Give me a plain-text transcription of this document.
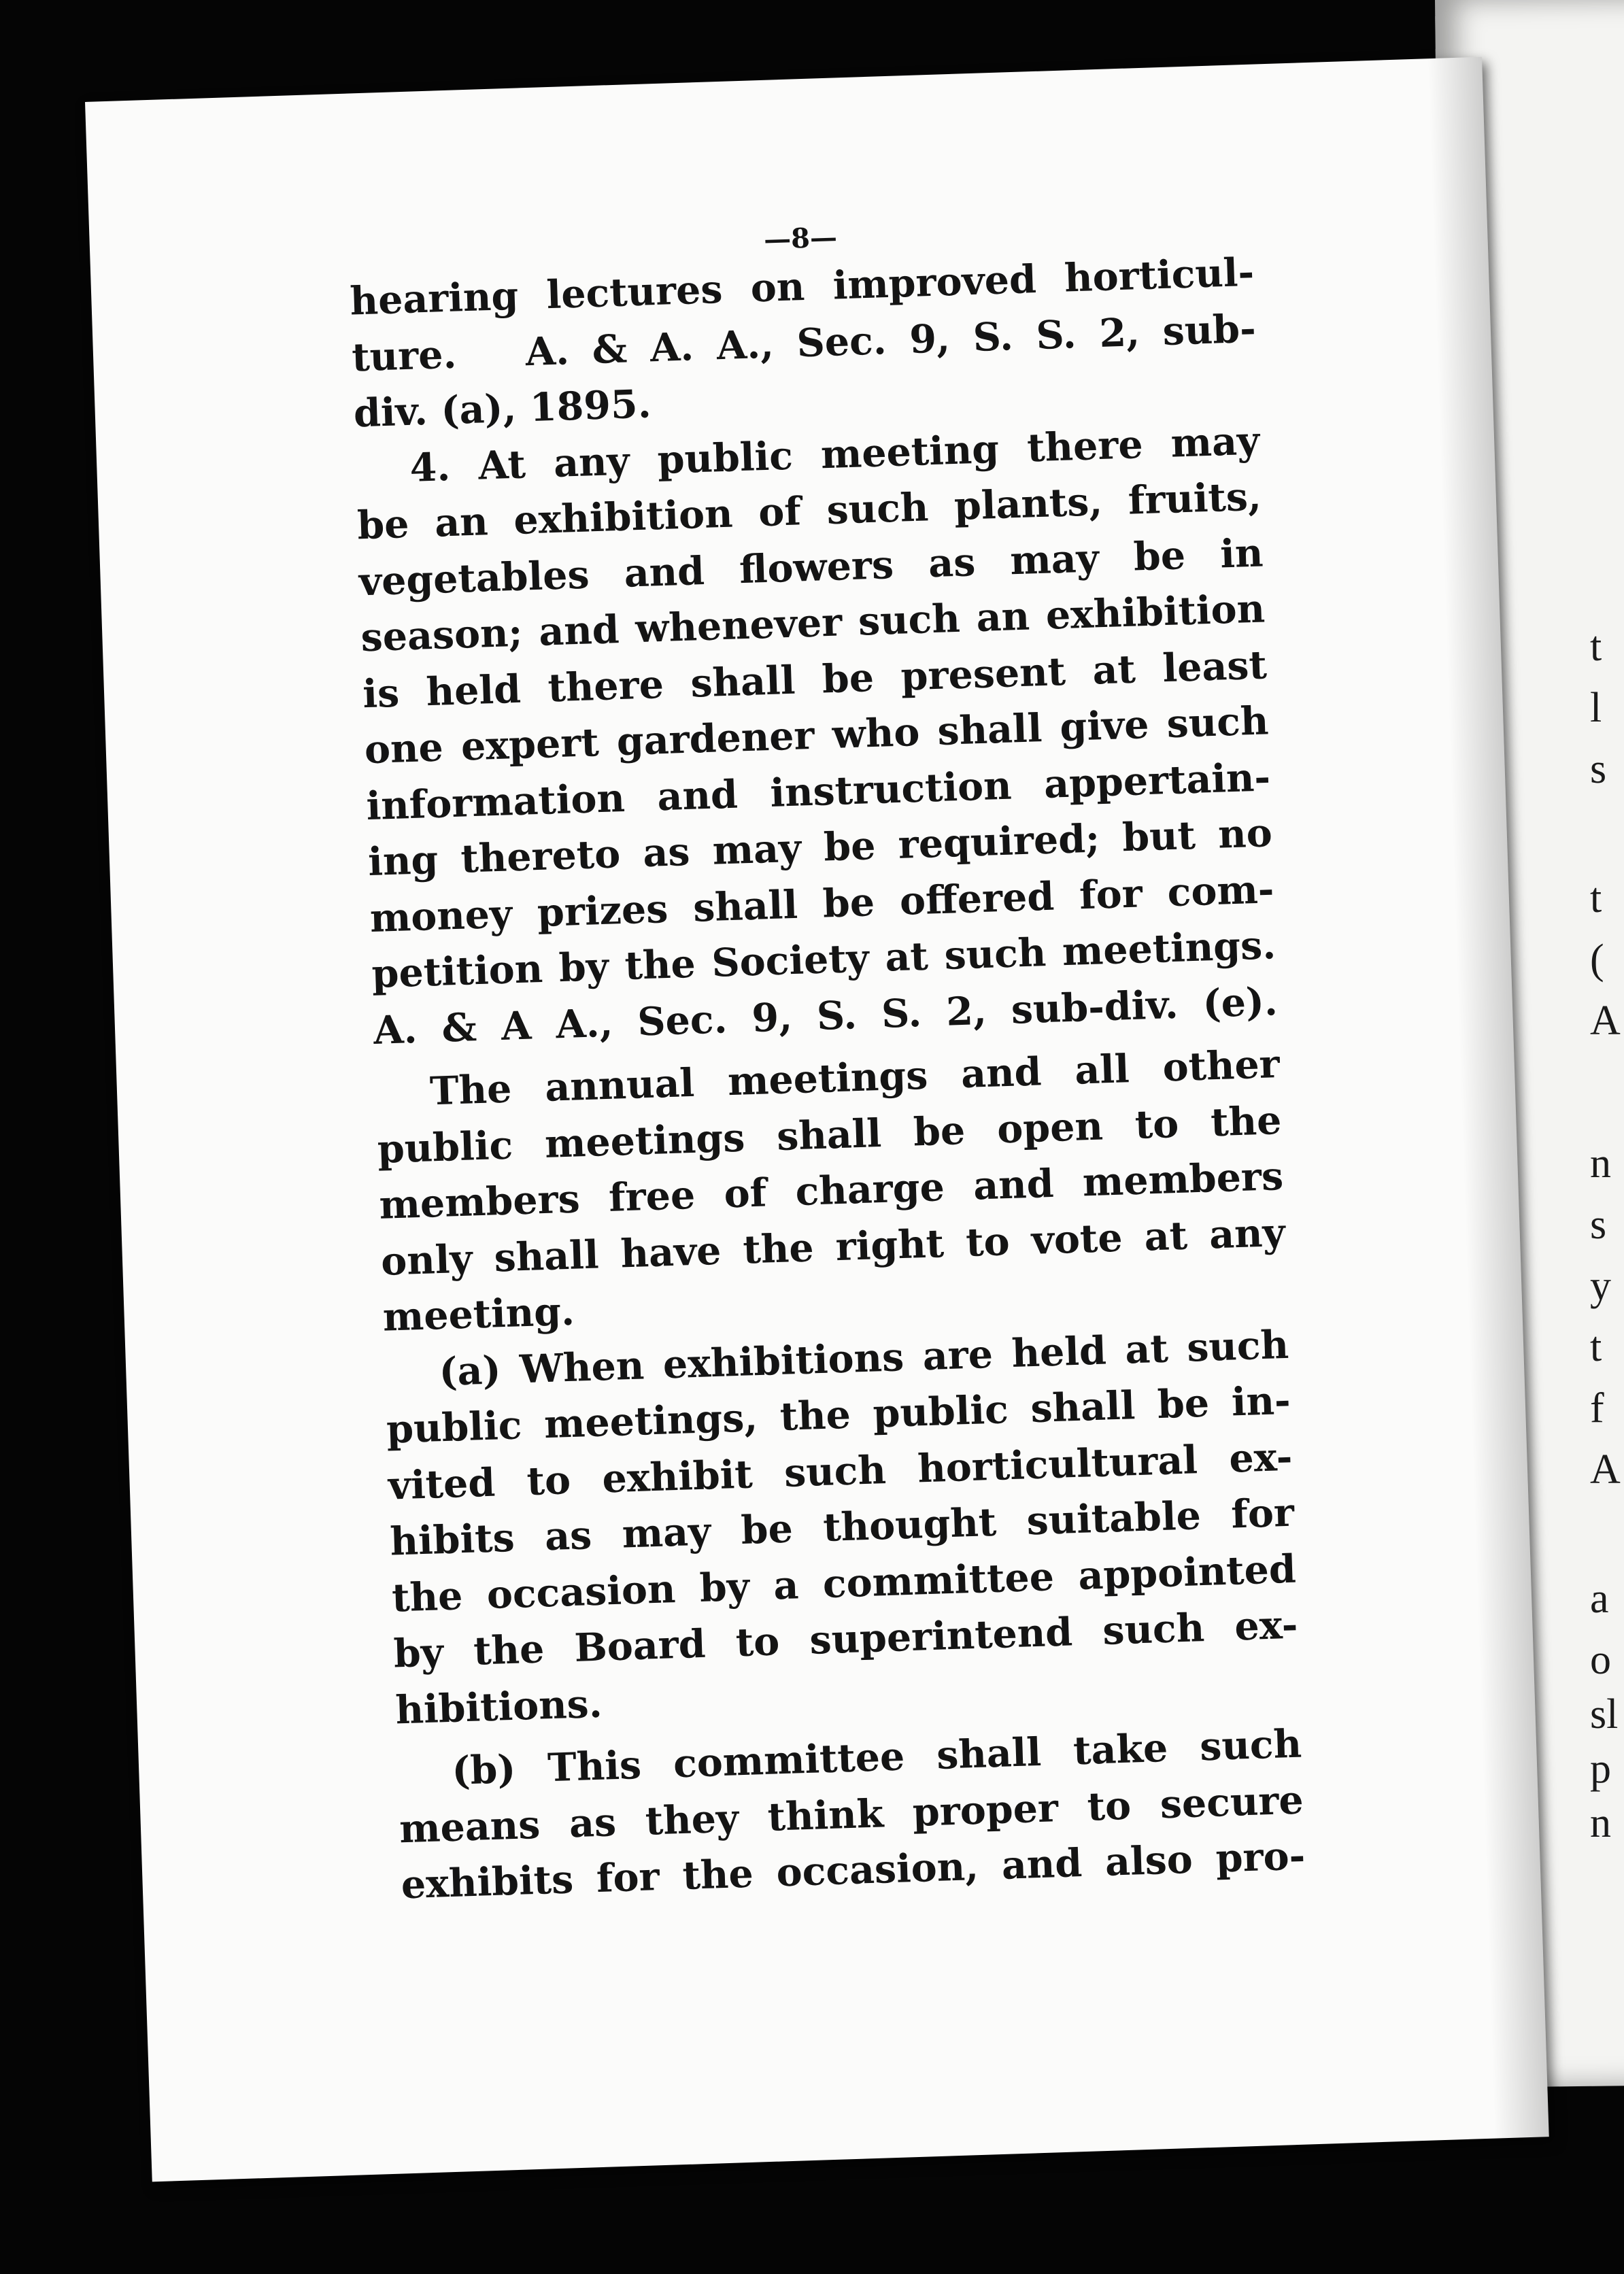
t
l
s
t
(
A
n
s
y
t
f
A
a
o
sl
p
n
—8—
hearing lectures on improved horticul-
ture.   A. & A. A., Sec. 9, S. S. 2, sub-
div. (a), 1895.
4. At any public meeting there may
be an exhibition of such plants, fruits,
vegetables and flowers as may be in
season; and whenever such an exhibition
is held there shall be present at least
one expert gardener who shall give such
information and instruction appertain-
ing thereto as may be required; but no
money prizes shall be offered for com-
petition by the Society at such meetings.
A. & A A., Sec. 9, S. S. 2, sub-div. (e).
The annual meetings and all other
public meetings shall be open to the
members free of charge and members
only shall have the right to vote at any
meeting.
(a) When exhibitions are held at such
public meetings, the public shall be in-
vited to exhibit such horticultural ex-
hibits as may be thought suitable for
the occasion by a committee appointed
by the Board to superintend such ex-
hibitions.
(b) This committee shall take such
means as they think proper to secure
exhibits for the occasion, and also pro-
